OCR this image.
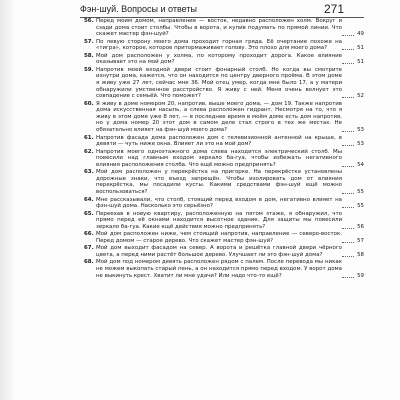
Фэн-шуй. Вопросы и ответы	271
56. Перед моим домом, направление — восток, недавно расположен холм. Вокруг и сзади дома стоит столбы. Чтобы в ворота, и купив подумать по прямой линии. Что скажет мастер фэн-шуй?	49
57. По левую сторону моего дома проходит горная гряда. Её очертание похоже на «тигра», которое, которое притормаживает голову. Это плохо для моего дома?	51
58. Мой дом расположен у холма, по которому проходит дорога. Какое влияние оказывает это на мой дом?	51
59. Напротив моей входной двери стоит фонарный столб. Но когда вы смотрите изнутри дома, кажется, что он находится по центру дверного проёма. В этом доме я живу уже 27 лет, сейчас мне 36. Мой отец умер, когда мне было 17, а у матери обнаружили умственное расстройство. Я живу с ней. Меня очень волнует это совпадение с семьёй. Что поможет?	52
60. Я живу в доме номером 20, напротив, выше моего дома, — дом 19. Также напротив дома искусственная насыпь, а слева расположен гидрант. Несмотря на то, что я живу в этом доме уже 8 лет, — в последнее время в моём доме есть дом напротив, но у дома номер 20 этот дом в самом деле стал строго в тех же местах. Не обязательно влияет на фэн-шуй моего дома?	53
61. Напротив фасада дома расположен дом с телевизионной антенной на крыше, в девяти — чуть ниже окна. Влияет ли это на мой дом?	53
62. Напротив моего одноэтажного дома слева находится электрический столб. Мы повесили над главным входом зеркало ба-гуа, чтобы избежать негативного влияния расположения столба. Что ещё можно предпринять?	54
63. Мой дом расположен у перекрёстка на пригорке. На перекрёстке установлены дорожные знаки, что въезд запрещён. Чтобы изолировать дом от влияния перекрёстка, мы посадили кусты. Какими средствами фэн-шуй ещё можно воспользоваться?	55
64. Мне рассказывали, что столб, стоящий перед входом в дом, негативно влияет на фэн-шуй дома. Насколько это серьёзно?	55
65. Переехав в новую квартиру, расположенную на пятом этаже, я обнаружил, что прямо перед её окнами находится высотное здание. Для защиты мы повесили зеркало ба-гуа. Какие ещё действия можно предпринять?	56
66. Мой дом расположен ниже, чем стоящий напротив, направление — северо-восток. Перед домом — старое дерево. Что скажет мастер фэн-шуй?	57
67. Мой дом выходит фасадом на север. А ворота и решётка главной двери чёрного цвета, а перед ними растёт большое дерево. Улучшает ли это фэн-шуй дома?	58
68. Мой дом под номером девять расположен рядом с палем. После перевода мы никак не можем выкопать старый пень, а он находится прямо перед входом. У ворот дома не выкинуть крест. Хватит ли мне удачи? Или надо что-то ещё?	59
